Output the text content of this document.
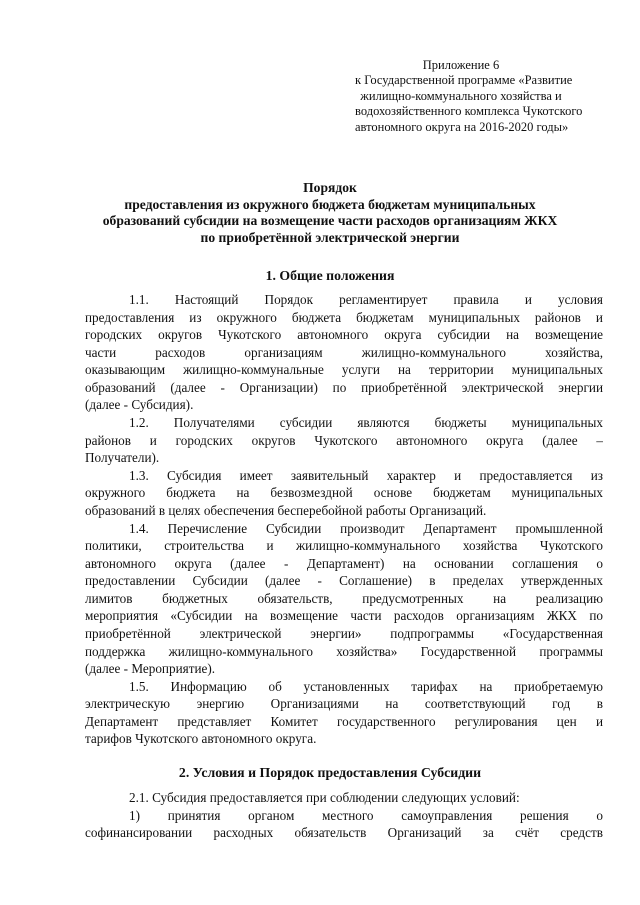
Приложение 6
к Государственной программе «Развитие
жилищно-коммунального хозяйства и
водохозяйственного комплекса Чукотского
автономного округа на 2016-2020 годы»
Порядок
предоставления из окружного бюджета бюджетам муниципальных
образований субсидии на возмещение части расходов организациям ЖКХ
по приобретённой электрической энергии
1. Общие положения
1.1. Настоящий Порядок регламентирует правила и условия
предоставления из окружного бюджета бюджетам муниципальных районов и
городских округов Чукотского автономного округа субсидии на возмещение
части расходов организациям жилищно-коммунального хозяйства,
оказывающим жилищно-коммунальные услуги на территории муниципальных
образований (далее - Организации) по приобретённой электрической энергии
(далее - Субсидия).
1.2. Получателями субсидии являются бюджеты муниципальных
районов и городских округов Чукотского автономного округа (далее –
Получатели).
1.3. Субсидия имеет заявительный характер и предоставляется из
окружного бюджета на безвозмездной основе бюджетам муниципальных
образований в целях обеспечения бесперебойной работы Организаций.
1.4. Перечисление Субсидии производит Департамент промышленной
политики, строительства и жилищно-коммунального хозяйства Чукотского
автономного округа (далее - Департамент) на основании соглашения о
предоставлении Субсидии (далее - Соглашение) в пределах утвержденных
лимитов бюджетных обязательств, предусмотренных на реализацию
мероприятия «Субсидии на возмещение части расходов организациям ЖКХ по
приобретённой электрической энергии» подпрограммы «Государственная
поддержка жилищно-коммунального хозяйства» Государственной программы
(далее - Мероприятие).
1.5. Информацию об установленных тарифах на приобретаемую
электрическую энергию Организациями на соответствующий год в
Департамент представляет Комитет государственного регулирования цен и
тарифов Чукотского автономного округа.
2. Условия и Порядок предоставления Субсидии
2.1. Субсидия предоставляется при соблюдении следующих условий:
1) принятия органом местного самоуправления решения о
софинансировании расходных обязательств Организаций за счёт средств
